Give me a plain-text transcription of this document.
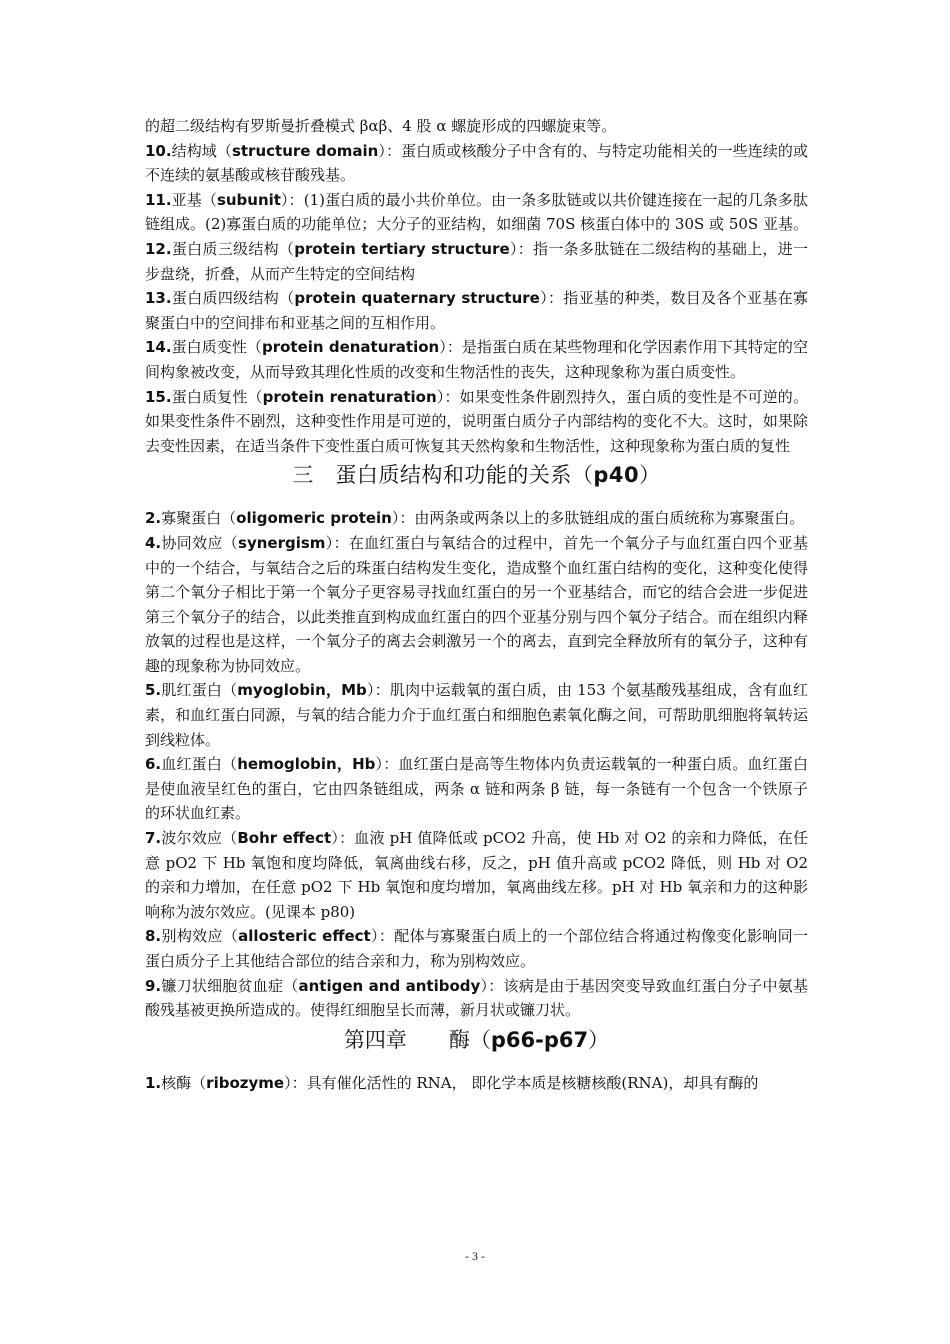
的超二级结构有罗斯曼折叠模式 βαβ、4 股 α 螺旋形成的四螺旋束等。

10.结构域（structure domain）：蛋白质或核酸分子中含有的、与特定功能相关的一些连续的或不连续的氨基酸或核苷酸残基。

11.亚基（subunit）：(1)蛋白质的最小共价单位。由一条多肽链或以共价键连接在一起的几条多肽链组成。(2)寡蛋白质的功能单位；大分子的亚结构，如细菌 70S 核蛋白体中的 30S 或 50S 亚基。

12.蛋白质三级结构（protein tertiary structure）：指一条多肽链在二级结构的基础上，进一步盘绕，折叠，从而产生特定的空间结构

13.蛋白质四级结构（protein quaternary structure）：指亚基的种类，数目及各个亚基在寡聚蛋白中的空间排布和亚基之间的互相作用。

14.蛋白质变性（protein denaturation）：是指蛋白质在某些物理和化学因素作用下其特定的空间构象被改变，从而导致其理化性质的改变和生物活性的丧失，这种现象称为蛋白质变性。

15.蛋白质复性（protein renaturation）：如果变性条件剧烈持久，蛋白质的变性是不可逆的。如果变性条件不剧烈，这种变性作用是可逆的，说明蛋白质分子内部结构的变化不大。这时，如果除去变性因素，在适当条件下变性蛋白质可恢复其天然构象和生物活性，这种现象称为蛋白质的复性

三　蛋白质结构和功能的关系（p40）

2.寡聚蛋白（oligomeric protein）：由两条或两条以上的多肽链组成的蛋白质统称为寡聚蛋白。

4.协同效应（synergism）：在血红蛋白与氧结合的过程中，首先一个氧分子与血红蛋白四个亚基中的一个结合，与氧结合之后的珠蛋白结构发生变化，造成整个血红蛋白结构的变化，这种变化使得第二个氧分子相比于第一个氧分子更容易寻找血红蛋白的另一个亚基结合，而它的结合会进一步促进第三个氧分子的结合，以此类推直到构成血红蛋白的四个亚基分别与四个氧分子结合。而在组织内释放氧的过程也是这样，一个氧分子的离去会刺激另一个的离去，直到完全释放所有的氧分子，这种有趣的现象称为协同效应。

5.肌红蛋白（myoglobin，Mb）：肌肉中运载氧的蛋白质，由 153 个氨基酸残基组成，含有血红素，和血红蛋白同源，与氧的结合能力介于血红蛋白和细胞色素氧化酶之间，可帮助肌细胞将氧转运到线粒体。

6.血红蛋白（hemoglobin，Hb）：血红蛋白是高等生物体内负责运载氧的一种蛋白质。血红蛋白是使血液呈红色的蛋白，它由四条链组成，两条 α 链和两条 β 链，每一条链有一个包含一个铁原子的环状血红素。

7.波尔效应（Bohr effect）：血液 pH 值降低或 pCO2 升高，使 Hb 对 O2 的亲和力降低，在任意 pO2 下 Hb 氧饱和度均降低，氧离曲线右移，反之，pH 值升高或 pCO2 降低，则 Hb 对 O2 的亲和力增加，在任意 pO2 下 Hb 氧饱和度均增加，氧离曲线左移。pH 对 Hb 氧亲和力的这种影响称为波尔效应。(见课本 p80)

8.别构效应（allosteric effect）：配体与寡聚蛋白质上的一个部位结合将通过构像变化影响同一蛋白质分子上其他结合部位的结合亲和力，称为别构效应。

9.镰刀状细胞贫血症（antigen and antibody）：该病是由于基因突变导致血红蛋白分子中氨基酸残基被更换所造成的。使得红细胞呈长而薄，新月状或镰刀状。

第四章　　酶（p66-p67）

1.核酶（ribozyme）：具有催化活性的 RNA， 即化学本质是核糖核酸(RNA)，却具有酶的

- 3 -
